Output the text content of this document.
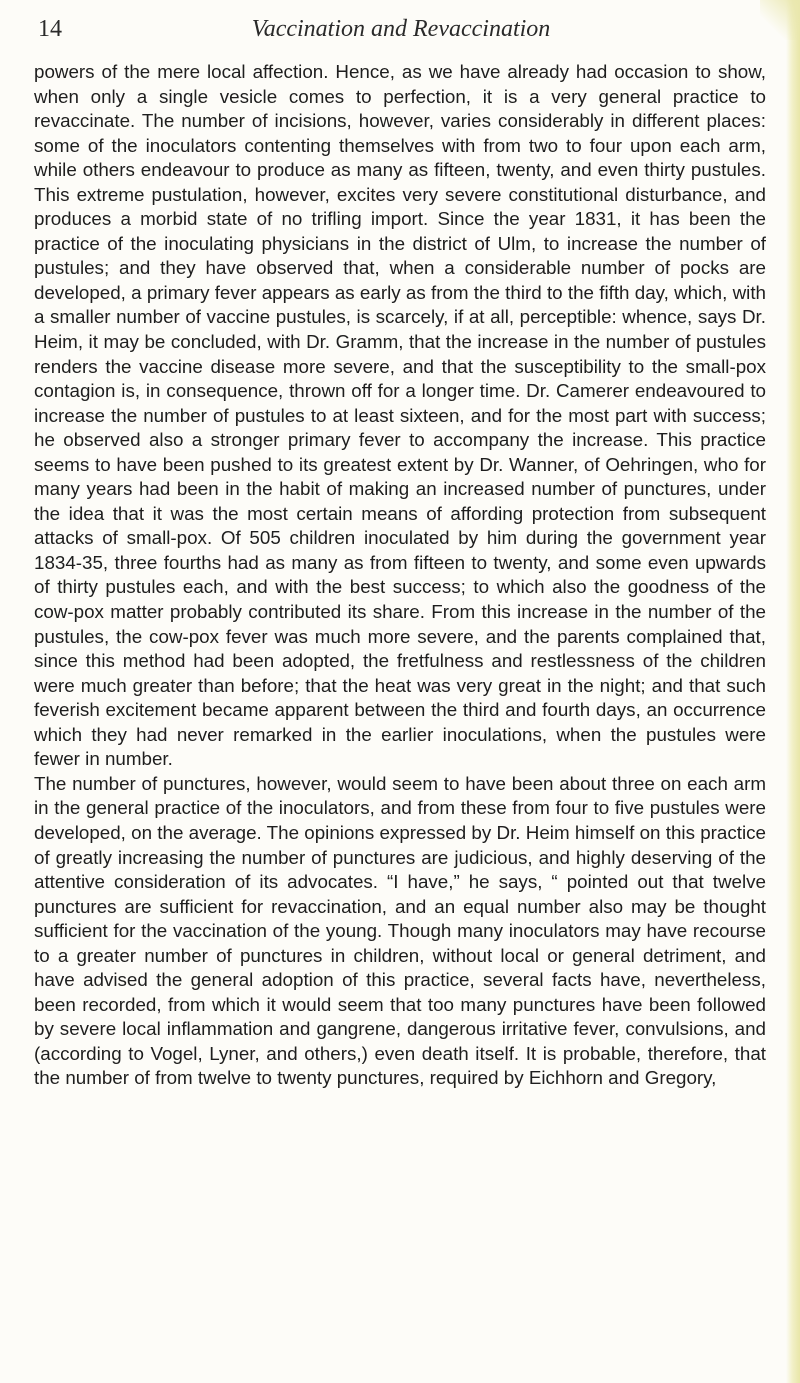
14	Vaccination and Revaccination

powers of the mere local affection. Hence, as we have already had occasion to show, when only a single vesicle comes to perfection, it is a very general practice to revaccinate. The number of incisions, however, varies considerably in different places: some of the inoculators contenting themselves with from two to four upon each arm, while others endeavour to produce as many as fifteen, twenty, and even thirty pustules. This extreme pustulation, however, excites very severe constitutional disturbance, and produces a morbid state of no trifling import. Since the year 1831, it has been the practice of the inoculating physicians in the district of Ulm, to increase the number of pustules; and they have observed that, when a considerable number of pocks are developed, a primary fever appears as early as from the third to the fifth day, which, with a smaller number of vaccine pustules, is scarcely, if at all, perceptible: whence, says Dr. Heim, it may be concluded, with Dr. Gramm, that the increase in the number of pustules renders the vaccine disease more severe, and that the susceptibility to the small-pox contagion is, in consequence, thrown off for a longer time. Dr. Camerer endeavoured to increase the number of pustules to at least sixteen, and for the most part with success; he observed also a stronger primary fever to accompany the increase. This practice seems to have been pushed to its greatest extent by Dr. Wanner, of Oehringen, who for many years had been in the habit of making an increased number of punctures, under the idea that it was the most certain means of affording protection from subsequent attacks of small-pox. Of 505 children inoculated by him during the government year 1834-35, three fourths had as many as from fifteen to twenty, and some even upwards of thirty pustules each, and with the best success; to which also the goodness of the cow-pox matter probably contributed its share. From this increase in the number of the pustules, the cow-pox fever was much more severe, and the parents complained that, since this method had been adopted, the fretfulness and restlessness of the children were much greater than before; that the heat was very great in the night; and that such feverish excitement became apparent between the third and fourth days, an occurrence which they had never remarked in the earlier inoculations, when the pustules were fewer in number.

The number of punctures, however, would seem to have been about three on each arm in the general practice of the inoculators, and from these from four to five pustules were developed, on the average. The opinions expressed by Dr. Heim himself on this practice of greatly increasing the number of punctures are judicious, and highly deserving of the attentive consideration of its advocates. “I have,” he says, “ pointed out that twelve punctures are sufficient for revaccination, and an equal number also may be thought sufficient for the vaccination of the young. Though many inoculators may have recourse to a greater number of punctures in children, without local or general detriment, and have advised the general adoption of this practice, several facts have, nevertheless, been recorded, from which it would seem that too many punctures have been followed by severe local inflammation and gangrene, dangerous irritative fever, convulsions, and (according to Vogel, Lyner, and others,) even death itself. It is probable, therefore, that the number of from twelve to twenty punctures, required by Eichhorn and Gregory,
